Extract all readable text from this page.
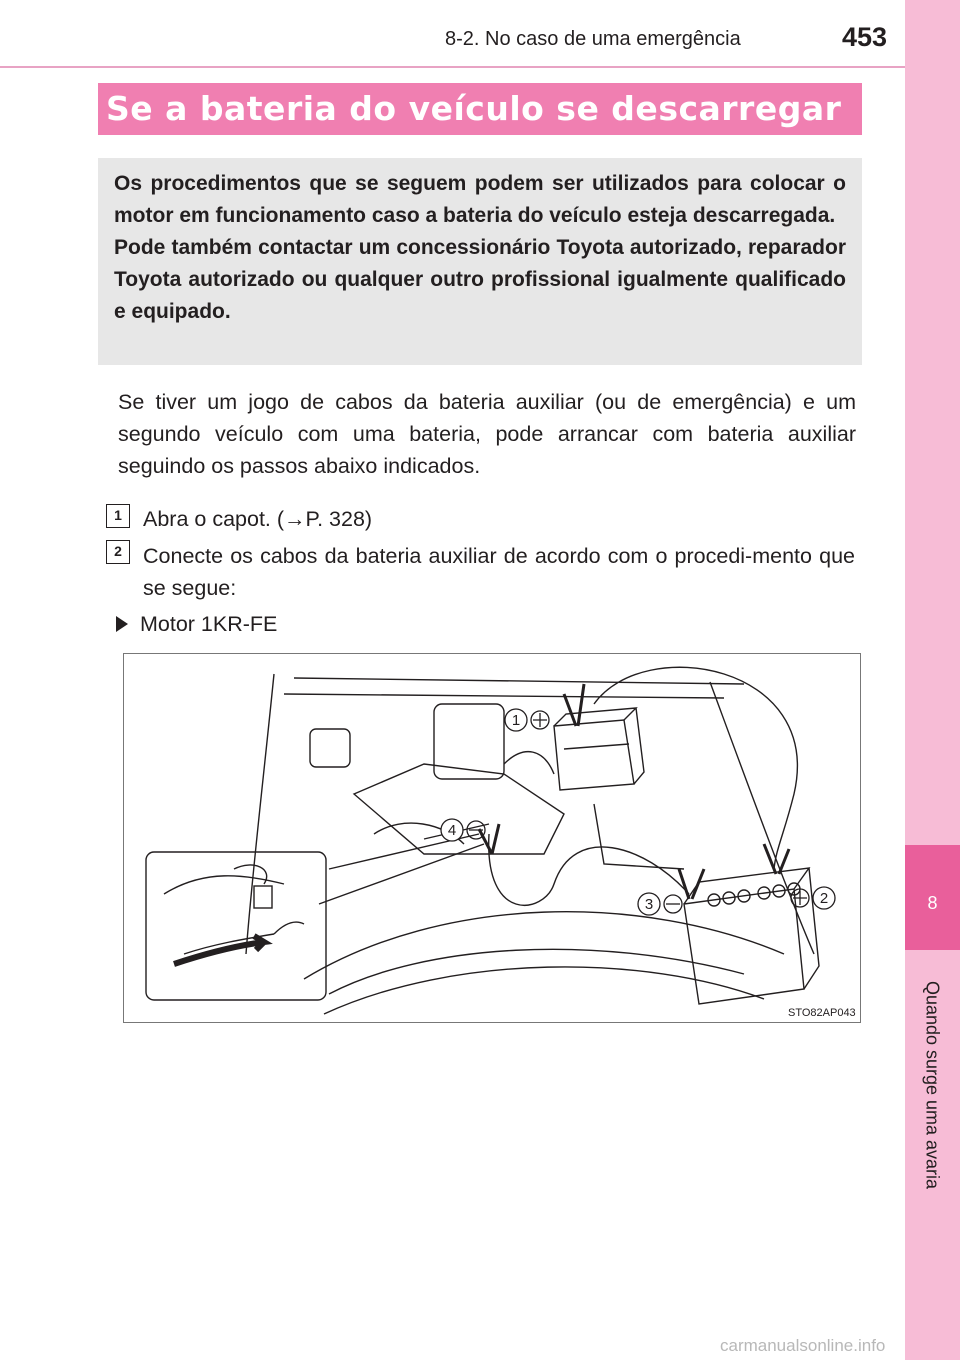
8-2. No caso de uma emergência	453
8
Quando surge uma avaria
Se a bateria do veículo se descarregar

Os procedimentos que se seguem podem ser utilizados para colocar o motor em funcionamento caso a bateria do veículo esteja descarregada.

Pode também contactar um concessionário Toyota autorizado, reparador Toyota autorizado ou qualquer outro profissional igualmente qualificado e equipado.

Se tiver um jogo de cabos da bateria auxiliar (ou de emergência) e um segundo veículo com uma bateria, pode arrancar com bateria auxiliar seguindo os passos abaixo indicados.

1 Abra o capot. (→P. 328)

2 Conecte os cabos da bateria auxiliar de acordo com o procedi-mento que se segue:

Motor 1KR-FE
1
2
3
4
STO82AP043
carmanualsonline.info
